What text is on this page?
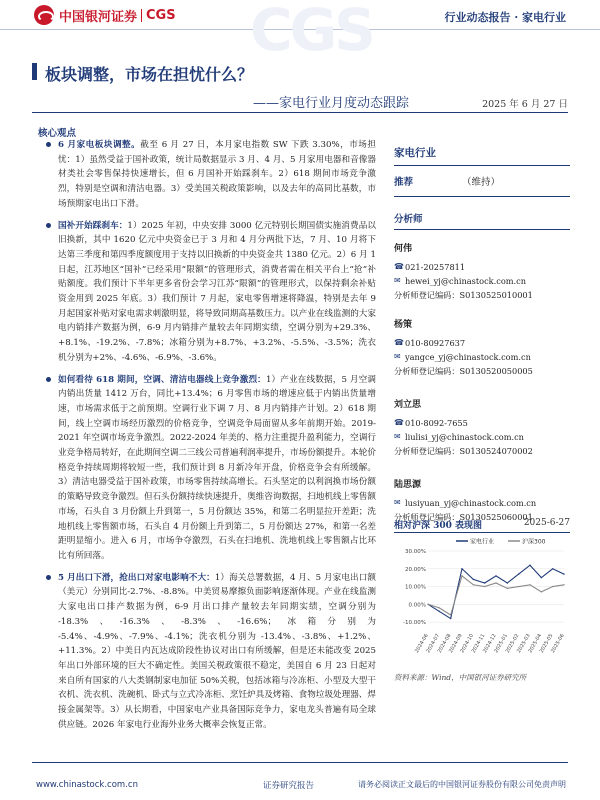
CGS
中国银河证券 CGS	行业动态报告 · 家电行业
板块调整，市场在担忧什么？
——家电行业月度动态跟踪	2025 年 6 月 27 日
核心观点

6 月家电板块调整。截至 6 月 27 日，本月家电指数 SW 下跌 3.30%，市场担忧：1）虽然受益于国补政策，统计局数据显示 3 月、4 月、5 月家用电器和音像器材类社会零售保持快速增长，但 6 月国补开始踩刹车。2）618 期间市场竞争激烈，特别是空调和清洁电器。3）受美国关税政策影响，以及去年的高同比基数，市场预期家电出口下滑。

国补开始踩刹车：1）2025 年初，中央安排 3000 亿元特别长期国债实施消费品以旧换新，其中 1620 亿元中央资金已于 3 月和 4 月分两批下达，7 月、10 月将下达第三季度和第四季度额度用于支持以旧换新的中央资金共 1380 亿元。2）6 月 1 日起，江苏地区“国补”已经采用“限额”的管理形式，消费者需在相关平台上“抢”补贴额度。我们预计下半年更多省份会学习江苏“限额”的管理形式，以保持剩余补贴资金用到 2025 年底。3）我们预计 7 月起，家电零售增速将降温，特别是去年 9 月起国家补贴对家电需求刺激明显，将导致同期高基数压力。以产业在线监测的大家电内销排产数据为例，6-9 月内销排产量较去年同期实绩，空调分别为+29.3%、+8.1%、-19.2%、-7.8%；冰箱分别为+8.7%、+3.2%、-5.5%、-3.5%；洗衣机分别为+2%、-4.6%、-6.9%、-3.6%。

如何看待 618 期间，空调、清洁电器线上竞争激烈：1）产业在线数据，5 月空调内销出货量 1412 万台，同比+13.4%；6 月零售市场的增速应低于内销出货量增速，市场需求低于之前预期。空调行业下调 7 月、8 月内销排产计划。2）618 期间，线上空调市场经历激烈的价格竞争，空调竞争局面留从多年前期开始。2019-2021 年空调市场竞争激烈。2022-2024 年美的、格力注重提升盈利能力，空调行业竞争格局转好，在此期间空调二三线公司普遍利润率提升，市场份额提升。本轮价格竞争持续周期将较短一些，我们预计到 8 月新冷年开盘，价格竞争会有所缓解。3）清洁电器受益于国补政策，市场零售持续高增长。石头坚定的以利润换市场份额的策略导致竞争激烈。但石头份额持续快速提升，奥维咨询数据，扫地机线上零售额市场，石头自 3 月份额上升到第一，5 月份额达 35%，和第二名明显拉开差距；洗地机线上零售额市场，石头自 4 月份额上升到第二，5 月份额达 27%，和第一名差距明显缩小。进入 6 月，市场争夺激烈，石头在扫地机、洗地机线上零售额占比环比有所回落。

5 月出口下滑，抢出口对家电影响不大：1）海关总署数据，4 月、5 月家电出口额（美元）分别同比-2.7%、-8.8%。中美贸易摩擦负面影响逐渐体现。产业在线监测大家电出口排产数据为例，6-9 月出口排产量较去年同期实绩，空调分别为 -18.3%、-16.3%、-8.3%、-16.6%；冰箱分别为 -5.4%、-4.9%、-7.9%、-4.1%；洗衣机分别为 -13.4%、-3.8%、+1.2%、+11.3%。2）中美日内瓦达成阶段性协议对出口有所缓解，但是还未能改变 2025 年出口外部环境的巨大不确定性。美国关税政策很不稳定，美国自 6 月 23 日起对来自所有国家的八大类钢制家电加征 50%关税，包括冰箱与冷冻柜、小型及大型干衣机、洗衣机、洗碗机、卧式与立式冷冻柜、烹饪炉具及烤箱、食物垃圾处理器、焊接金属架等。3）从长期看，中国家电产业具备国际竞争力，家电龙头普遍有局全球供应链。2026 年家电行业海外业务大概率会恢复正常。

家电行业
推荐	（维持）
分析师
何伟
☎ 021-20257811
✉ hewei_yj@chinastock.com.cn
分析师登记编码：S0130525010001
杨策
☎ 010-80927637
✉ yangce_yj@chinastock.com.cn
分析师登记编码：S0130520050005
刘立思
☎ 010-8092-7655
✉ liulisi_yj@chinastock.com.cn
分析师登记编码：S0130524070002
陆思源
✉ lusiyuan_yj@chinastock.com.cn
分析师登记编码：S0130525060001
相对沪深 300 表现图	2025-6-27
家电行业	沪深300
30.00%
20.00%
10.00%
0.00%
-10.00%
2024-06
2024-07
2024-08
2024-09
2024-10
2024-11
2024-12
2025-01
2025-02
2025-03
2025-04
2025-05
2025-06
资料来源：Wind，中国银河证券研究所
www.chinastock.com.cn	证券研究报告	请务必阅读正文最后的中国银河证券股份有限公司免责声明
